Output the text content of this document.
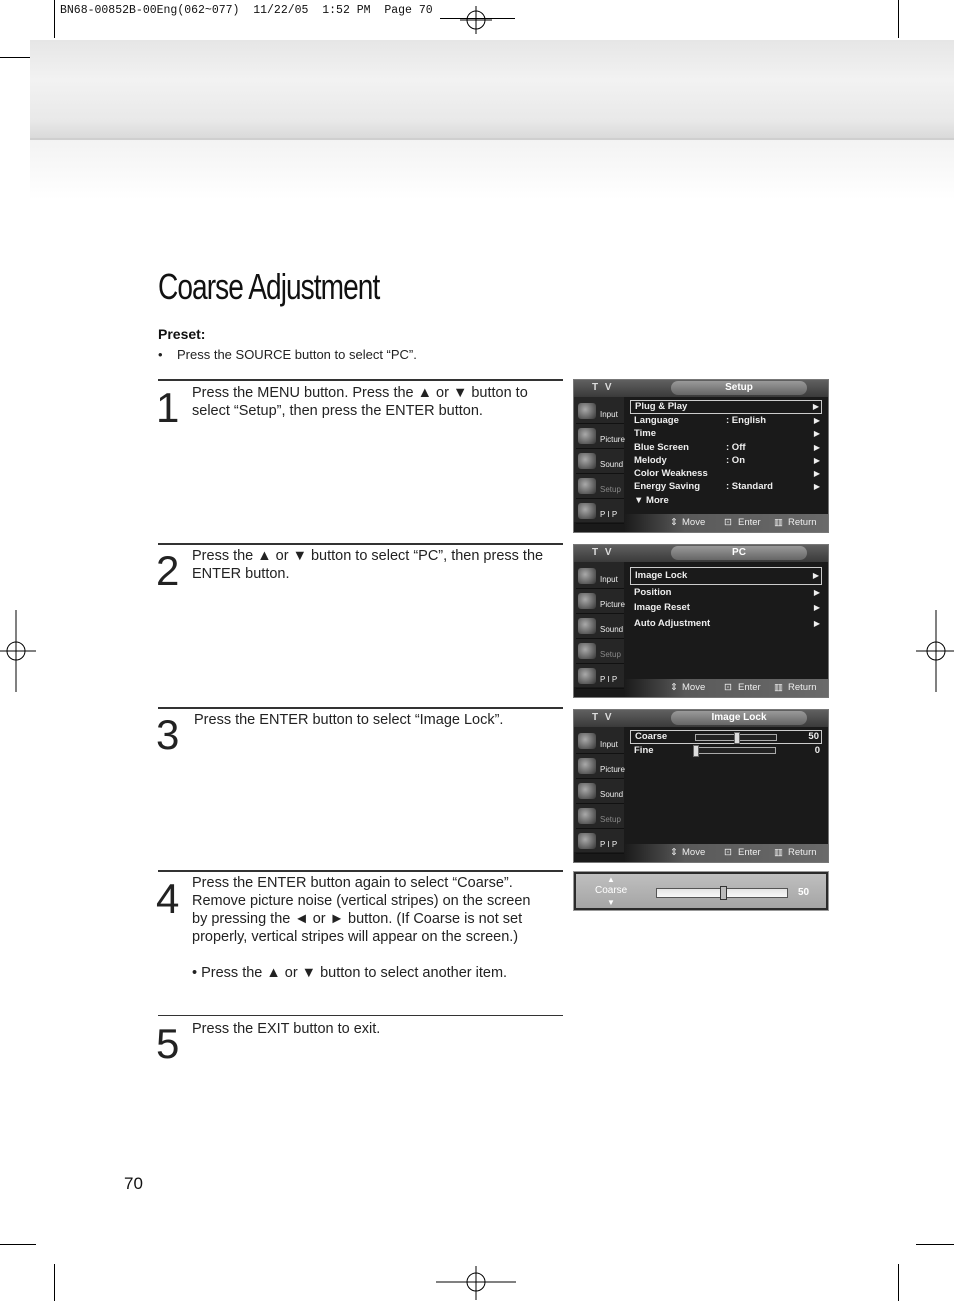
BN68-00852B-00Eng(062~077)  11/22/05  1:52 PM  Page 70
Coarse Adjustment
Preset:
•    Press the SOURCE button to select “PC”.
1 Press the MENU button. Press the ▲ or ▼ button to select “Setup”, then press the ENTER button.
2 Press the ▲ or ▼ button to select “PC”, then press the ENTER button.
3 Press the ENTER button to select “Image Lock”.
4 Press the ENTER button again to select “Coarse”. Remove picture noise (vertical stripes) on the screen by pressing the ◄ or ► button. (If Coarse is not set properly, vertical stripes will appear on the screen.)
• Press the ▲ or ▼ button to select another item.
5 Press the EXIT button to exit.
T V	Setup
Input
Picture
Sound
Setup
P I P
Plug & Play	▶
Language	: English	▶
Time	▶
Blue Screen	: Off	▶
Melody	: On	▶
Color Weakness	▶
Energy Saving	: Standard	▶
▼ More
⇕ Move ⊡ Enter ▥ Return
T V	PC
Input
Picture
Sound
Setup
P I P
Image Lock	▶
Position	▶
Image Reset	▶
Auto Adjustment	▶
⇕ Move ⊡ Enter ▥ Return
T V	Image Lock
Input
Picture
Sound
Setup
P I P
Coarse	50
Fine	0
⇕ Move ⊡ Enter ▥ Return
▲
Coarse
▼
50
70
